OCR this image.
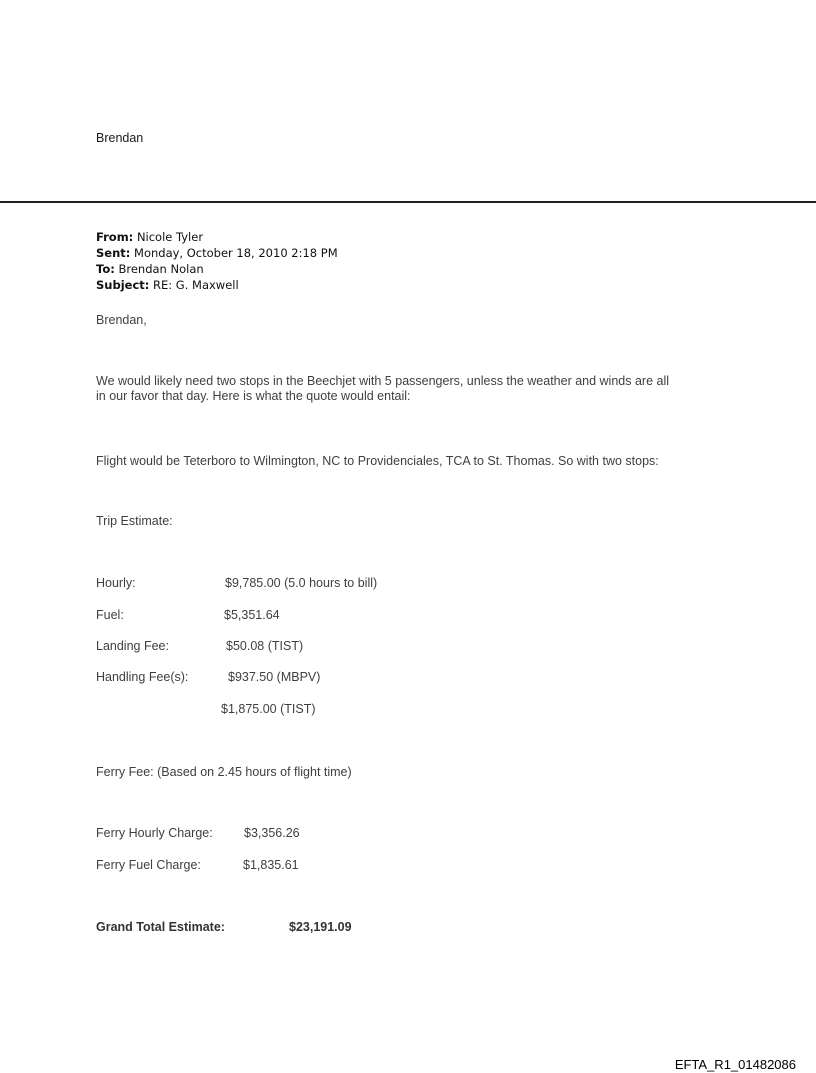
Brendan
From: Nicole Tyler
Sent: Monday, October 18, 2010 2:18 PM
To: Brendan Nolan
Subject: RE: G. Maxwell
Brendan,
We would likely need two stops in the Beechjet with 5 passengers, unless the weather and winds are all
in our favor that day. Here is what the quote would entail:
Flight would be Teterboro to Wilmington, NC to Providenciales, TCA to St. Thomas. So with two stops:
Trip Estimate:
Hourly:	$9,785.00 (5.0 hours to bill)
Fuel:	$5,351.64
Landing Fee:	$50.08 (TIST)
Handling Fee(s):	$937.50 (MBPV)
$1,875.00 (TIST)
Ferry Fee: (Based on 2.45 hours of flight time)
Ferry Hourly Charge:	$3,356.26
Ferry Fuel Charge:	$1,835.61
Grand Total Estimate:	$23,191.09
EFTA_R1_01482086
